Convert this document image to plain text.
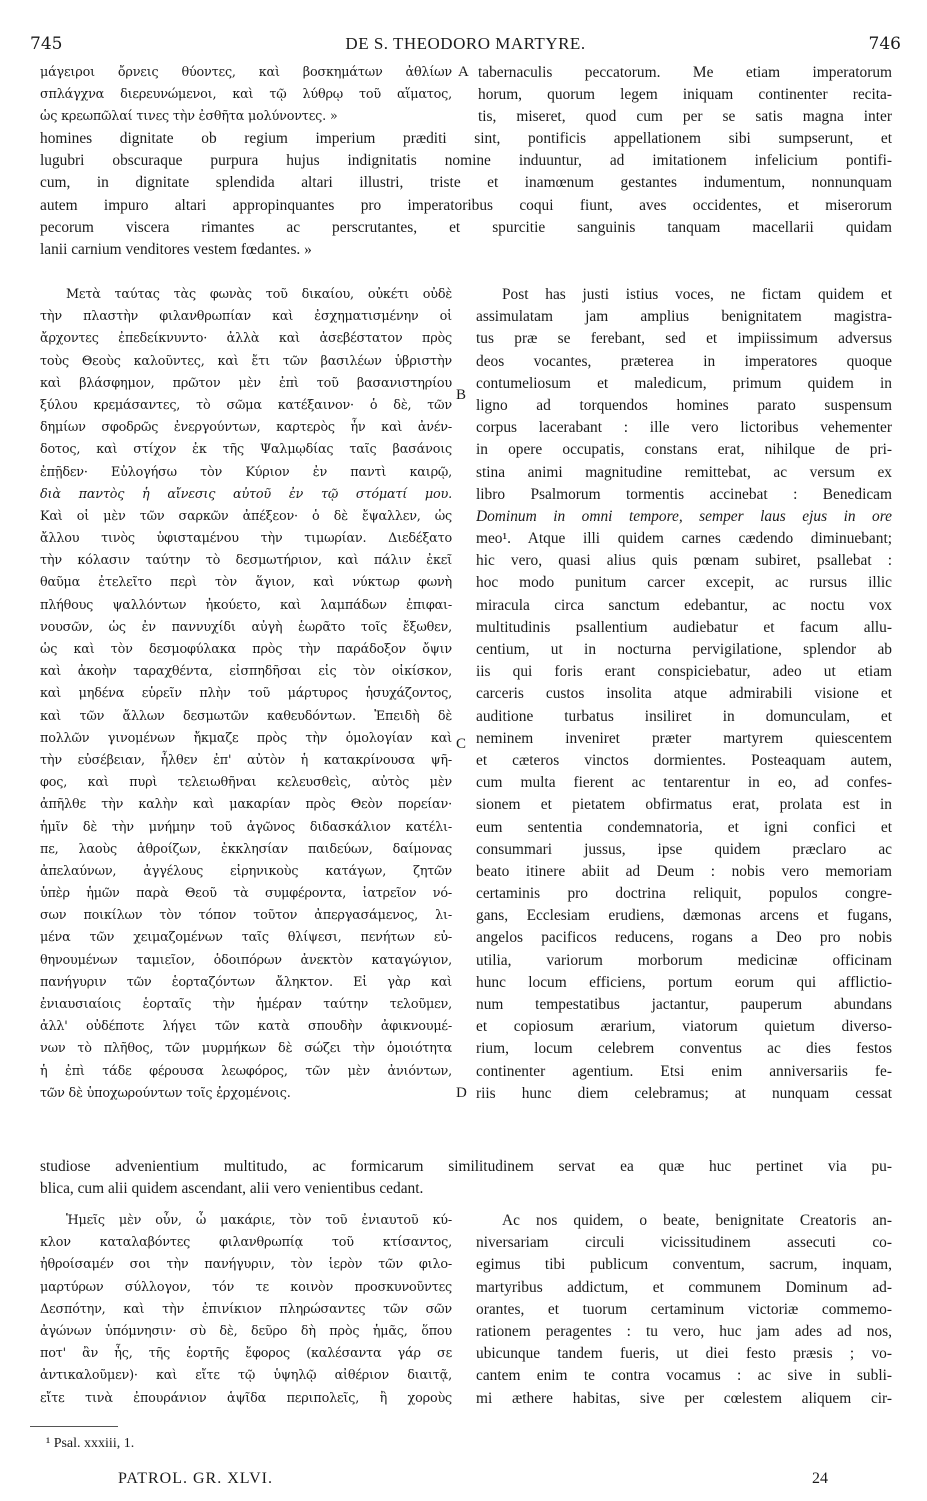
745	DE S. THEODORO MARTYRE.	746
μάγειροι ὄρνεις θύοντες, καὶ βοσκημάτων ἀθλίων
σπλάγχνα διερευνώμενοι, καὶ τῷ λύθρῳ τοῦ αἵματος,
ὡς κρεωπῶλαί τινες τὴν ἐσθῆτα μολύνοντες. »
tabernaculis peccatorum. Me etiam imperatorum
horum, quorum legem iniquam continenter recita-
tis, miseret, quod cum per se satis magna inter
homines dignitate ob regium imperium præditi sint, pontificis appellationem sibi sumpserunt, et
lugubri obscuraque purpura hujus indignitatis nomine induuntur, ad imitationem infelicium pontifi-
cum, in dignitate splendida altari illustri, triste et inamœnum gestantes indumentum, nonnunquam
autem impuro altari appropinquantes pro imperatoribus coqui fiunt, aves occidentes, et miserorum
pecorum viscera rimantes ac perscrutantes, et spurcitie sanguinis tanquam macellarii quidam
lanii carnium venditores vestem fœdantes. »
Μετὰ ταύτας τὰς φωνὰς τοῦ δικαίου, οὐκέτι οὐδὲ
τὴν πλαστὴν φιλανθρωπίαν καὶ ἐσχηματισμένην οἱ
ἄρχοντες ἐπεδείκνυντο· ἀλλὰ καὶ ἀσεβέστατον πρὸς
τοὺς Θεοὺς καλοῦντες, καὶ ἔτι τῶν βασιλέων ὑβριστὴν
καὶ βλάσφημον, πρῶτον μὲν ἐπὶ τοῦ βασανιστηρίου
ξύλου κρεμάσαντες, τὸ σῶμα κατέξαινον· ὁ δὲ, τῶν
δημίων σφοδρῶς ἐνεργούντων, καρτερὸς ἦν καὶ ἀνέν-
δοτος, καὶ στίχον ἐκ τῆς Ψαλμῳδίας ταῖς βασάνοις
ἐπῇδεν· Εὐλογήσω τὸν Κύριον ἐν παντὶ καιρῷ,
διὰ παντὸς ἡ αἴνεσις αὐτοῦ ἐν τῷ στόματί μου.
Καὶ οἱ μὲν τῶν σαρκῶν ἀπέξεον· ὁ δὲ ἔψαλλεν, ὡς
ἄλλου τινὸς ὑφισταμένου τὴν τιμωρίαν. Διεδέξατο
τὴν κόλασιν ταύτην τὸ δεσμωτήριον, καὶ πάλιν ἐκεῖ
θαῦμα ἐτελεῖτο περὶ τὸν ἅγιον, καὶ νύκτωρ φωνὴ
πλήθους ψαλλόντων ἠκούετο, καὶ λαμπάδων ἐπιφαι-
νουσῶν, ὡς ἐν παννυχίδι αὐγὴ ἑωρᾶτο τοῖς ἔξωθεν,
ὡς καὶ τὸν δεσμοφύλακα πρὸς τὴν παράδοξον ὄψιν
καὶ ἀκοὴν ταραχθέντα, εἰσπηδῆσαι εἰς τὸν οἰκίσκον,
καὶ μηδένα εὑρεῖν πλὴν τοῦ μάρτυρος ἡσυχάζοντος,
καὶ τῶν ἄλλων δεσμωτῶν καθευδόντων. Ἐπειδὴ δὲ
πολλῶν γινομένων ἤκμαζε πρὸς τὴν ὁμολογίαν καὶ
τὴν εὐσέβειαν, ἦλθεν ἐπ' αὐτὸν ἡ κατακρίνουσα ψῆ-
φος, καὶ πυρὶ τελειωθῆναι κελευσθεὶς, αὐτὸς μὲν
ἀπῆλθε τὴν καλὴν καὶ μακαρίαν πρὸς Θεὸν πορείαν·
ἡμῖν δὲ τὴν μνήμην τοῦ ἀγῶνος διδασκάλιον κατέλι-
πε, λαοὺς ἀθροίζων, ἐκκλησίαν παιδεύων, δαίμονας
ἀπελαύνων, ἀγγέλους εἰρηνικοὺς κατάγων, ζητῶν
ὑπὲρ ἡμῶν παρὰ Θεοῦ τὰ συμφέροντα, ἰατρεῖον νό-
σων ποικίλων τὸν τόπον τοῦτον ἀπεργασάμενος, λι-
μένα τῶν χειμαζομένων ταῖς θλίψεσι, πενήτων εὐ-
θηνουμένων ταμιεῖον, ὁδοιπόρων ἀνεκτὸν καταγώγιον,
πανήγυριν τῶν ἑορταζόντων ἄληκτον. Εἰ γὰρ καὶ
ἐνιαυσιαίοις ἑορταῖς τὴν ἡμέραν ταύτην τελοῦμεν,
ἀλλ' οὐδέποτε λήγει τῶν κατὰ σπουδὴν ἀφικνουμέ-
νων τὸ πλῆθος, τῶν μυρμήκων δὲ σώζει τὴν ὁμοιότητα
ἡ ἐπὶ τάδε φέρουσα λεωφόρος, τῶν μὲν ἀνιόντων,
τῶν δὲ ὑποχωρούντων τοῖς ἐρχομένοις.
Post has justi istius voces, ne fictam quidem et
assimulatam jam amplius benignitatem magistra-
tus præ se ferebant, sed et impiissimum adversus
deos vocantes, præterea in imperatores quoque
contumeliosum et maledicum, primum quidem in
ligno ad torquendos homines parato suspensum
corpus lacerabant : ille vero lictoribus vehementer
in opere occupatis, constans erat, nihilque de pri-
stina animi magnitudine remittebat, ac versum ex
libro Psalmorum tormentis accinebat : Benedicam
Dominum in omni tempore, semper laus ejus in ore
meo¹. Atque illi quidem carnes cædendo diminuebant;
hic vero, quasi alius quis pœnam subiret, psallebat :
hoc modo punitum carcer excepit, ac rursus illic
miracula circa sanctum edebantur, ac noctu vox
multitudinis psallentium audiebatur et facum allu-
centium, ut in nocturna pervigilatione, splendor ab
iis qui foris erant conspiciebatur, adeo ut etiam
carceris custos insolita atque admirabili visione et
auditione turbatus insiliret in domunculam, et
neminem inveniret præter martyrem quiescentem
et cæteros vinctos dormientes. Posteaquam autem,
cum multa fierent ac tentarentur in eo, ad confes-
sionem et pietatem obfirmatus erat, prolata est in
eum sententia condemnatoria, et igni confici et
consummari jussus, ipse quidem præclaro ac
beato itinere abiit ad Deum : nobis vero memoriam
certaminis pro doctrina reliquit, populos congre-
gans, Ecclesiam erudiens, dæmonas arcens et fugans,
angelos pacificos reducens, rogans a Deo pro nobis
utilia, variorum morborum medicinæ officinam
hunc locum efficiens, portum eorum qui afflictio-
num tempestatibus jactantur, pauperum abundans
et copiosum ærarium, viatorum quietum diverso-
rium, locum celebrem conventus ac dies festos
continenter agentium. Etsi enim anniversariis fe-
riis hunc diem celebramus; at nunquam cessat
studiose advenientium multitudo, ac formicarum similitudinem servat ea quæ huc pertinet via pu-
blica, cum alii quidem ascendant, alii vero venientibus cedant.
Ἡμεῖς μὲν οὖν, ὦ μακάριε, τὸν τοῦ ἐνιαυτοῦ κύ-
κλον καταλαβόντες φιλανθρωπίᾳ τοῦ κτίσαντος,
ἠθροίσαμέν σοι τὴν πανήγυριν, τὸν ἱερὸν τῶν φιλο-
μαρτύρων σύλλογον, τόν τε κοινὸν προσκυνοῦντες
Δεσπότην, καὶ τὴν ἐπινίκιον πληρώσαντες τῶν σῶν
ἀγώνων ὑπόμνησιν· σὺ δὲ, δεῦρο δὴ πρὸς ἡμᾶς, ὅπου
ποτ' ἂν ἦς, τῆς ἑορτῆς ἔφορος (καλέσαντα γάρ σε
ἀντικαλοῦμεν)· καὶ εἴτε τῷ ὑψηλῷ αἰθέριον διαιτᾷ,
εἴτε τινὰ ἐπουράνιον ἁψῖδα περιπολεῖς, ἢ χοροὺς
Ac nos quidem, o beate, benignitate Creatoris an-
niversariam circuli vicissitudinem assecuti co-
egimus tibi publicum conventum, sacrum, inquam,
martyribus addictum, et communem Dominum ad-
orantes, et tuorum certaminum victoriæ commemo-
rationem peragentes : tu vero, huc jam ades ad nos,
ubicunque tandem fueris, ut diei festo præsis ; vo-
cantem enim te contra vocamus : ac sive in subli-
mi æthere habitas, sive per cœlestem aliquem cir-
A
B
C
D
¹ Psal. xxxiii, 1.
PATROL. GR. XLVI.	24
